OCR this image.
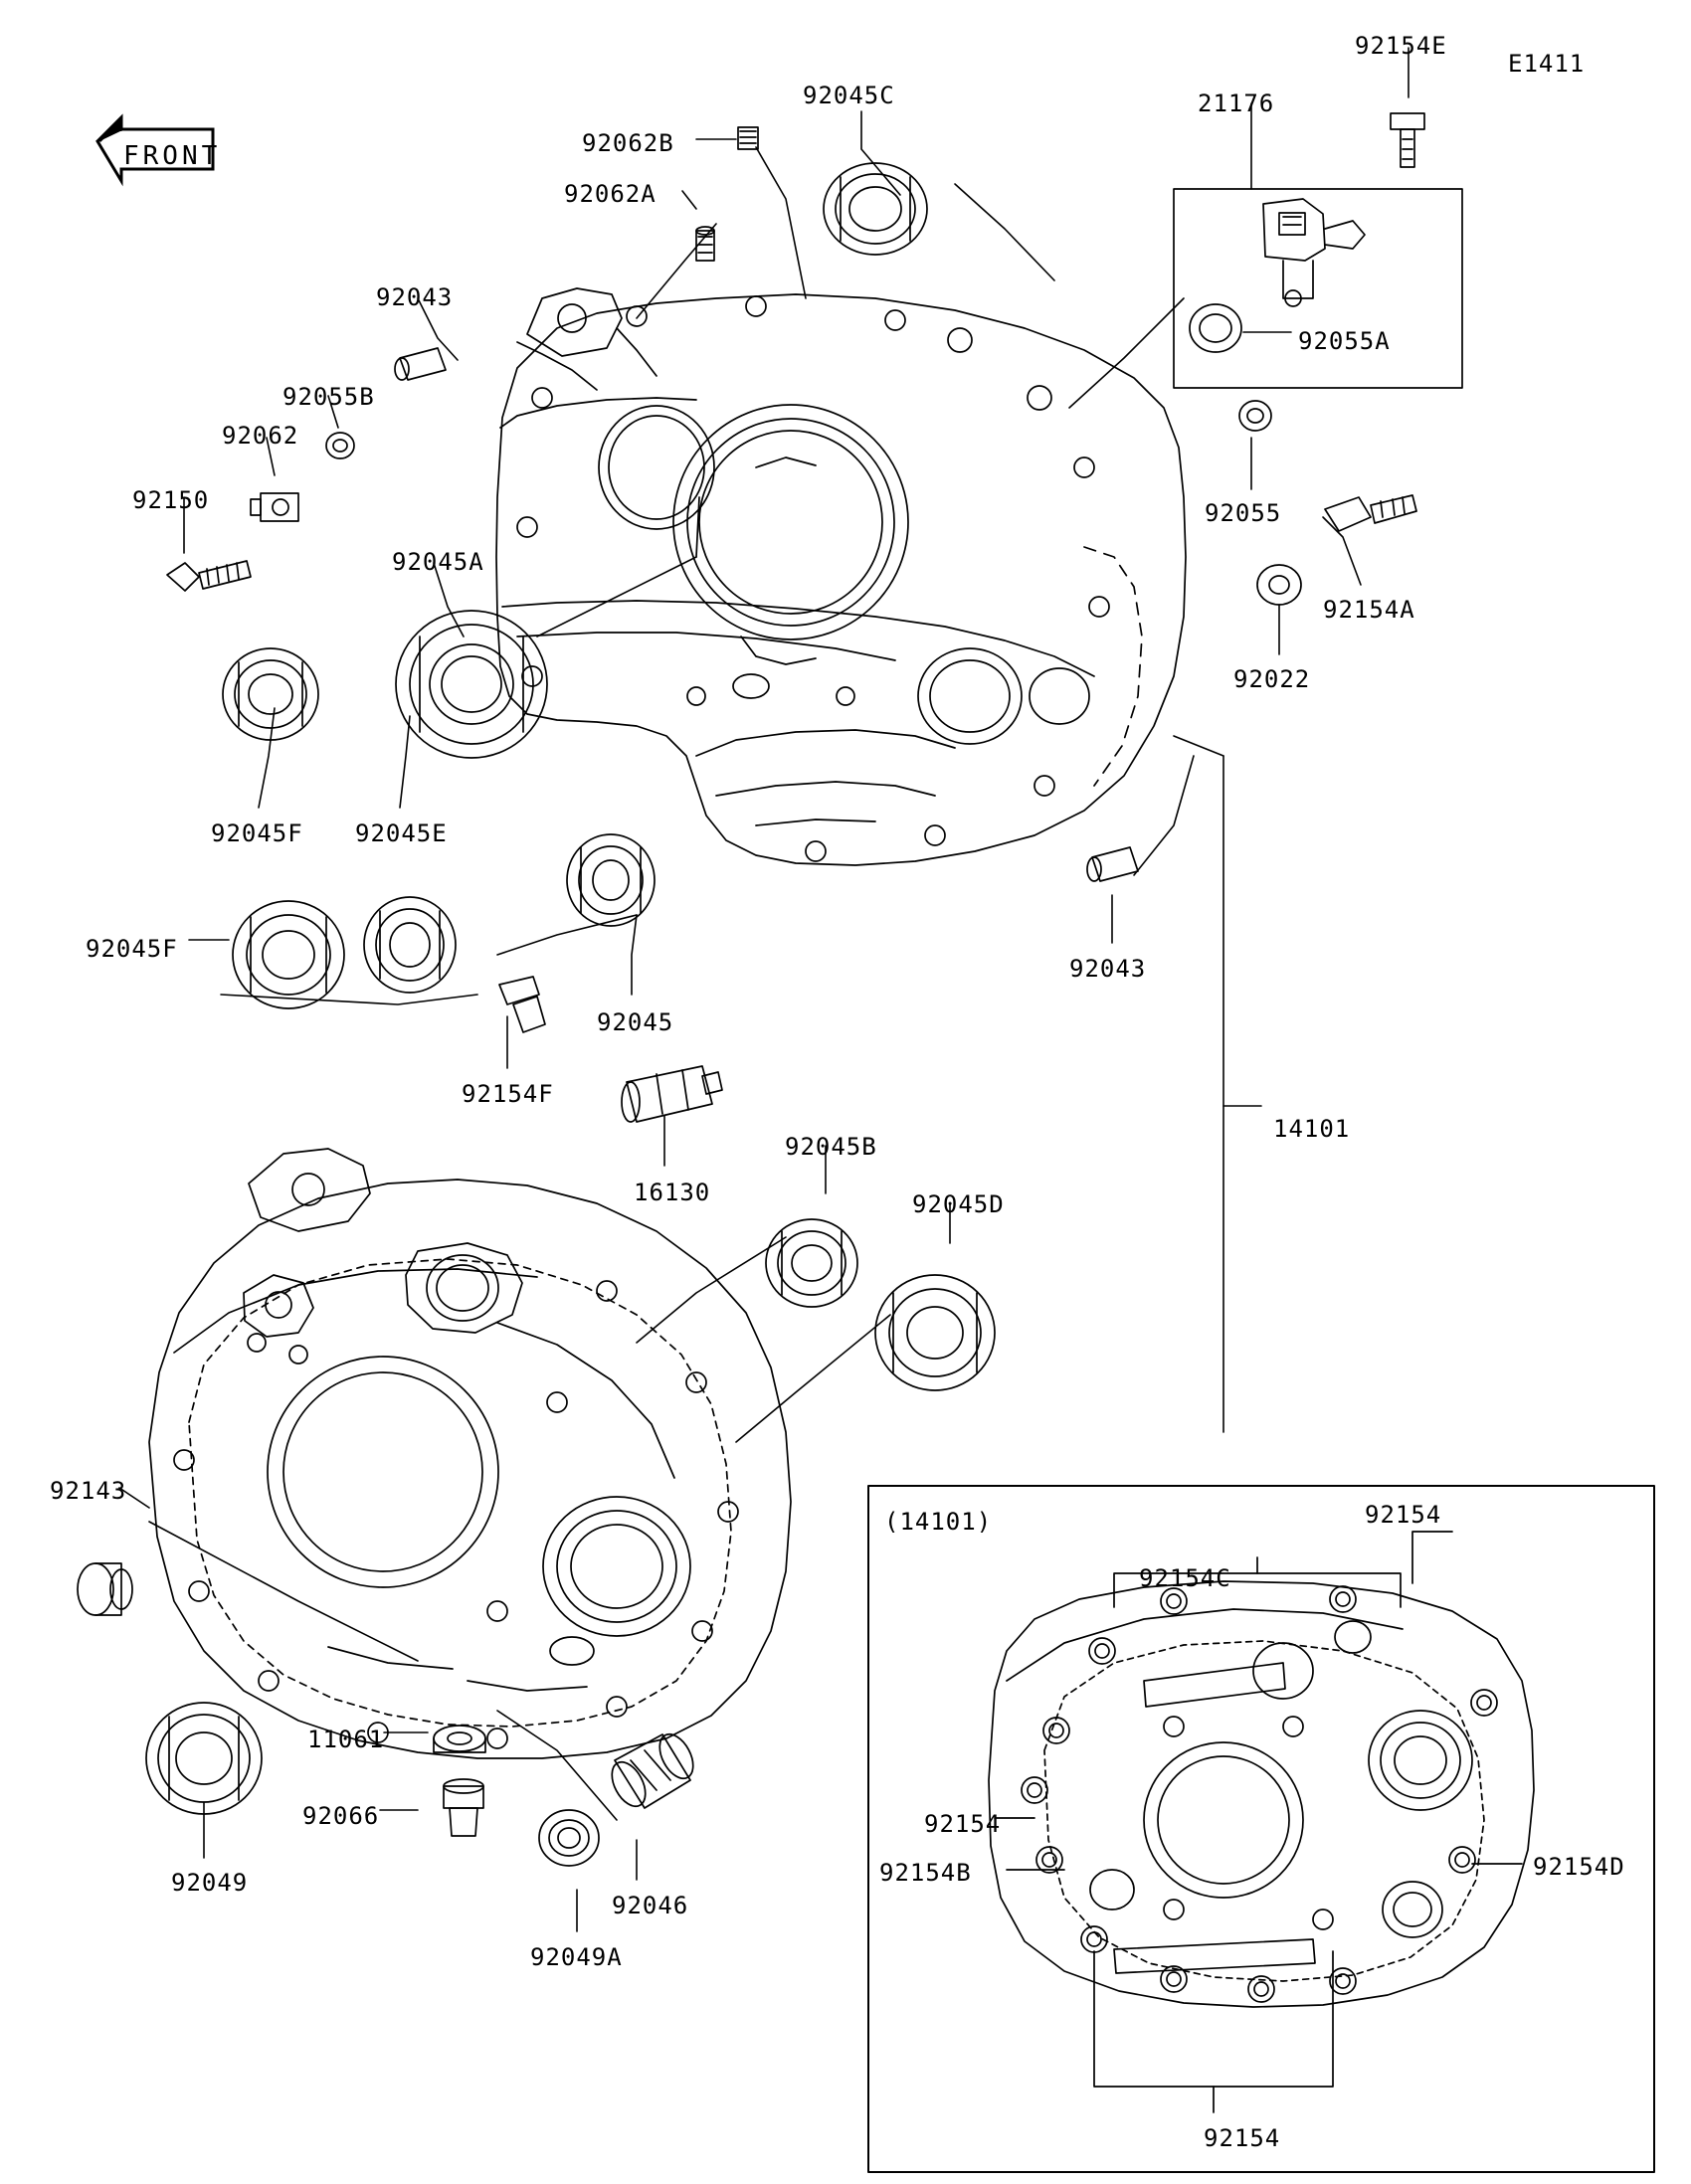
FRONT
92154E
E1411
92045C	21176
92062B
92062A
92055A
92043
92055B
92062
92150	92055
92154A
92022
92045A
92045F 92045E
92045F
92043
92045
92154F
16130
92045B
92045D
14101
(14101)	92154
92154C
92143
11061
92066
92049
92046
92049A
92154
92154B	92154D
92154
